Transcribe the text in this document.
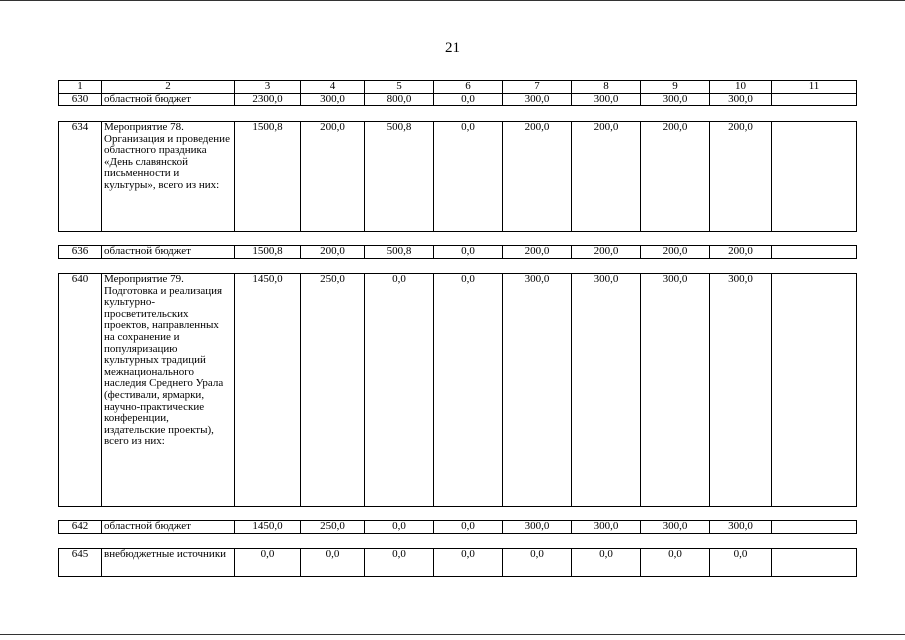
21
1	2	3	4	5	6	7	8	9	10	11
630	областной бюджет	2300,0	300,0	800,0	0,0	300,0	300,0	300,0	300,0	
634	Мероприятие 78. Организация и проведение областного праздника «День славянской письменности и культуры», всего из них:	1500,8	200,0	500,8	0,0	200,0	200,0	200,0	200,0	
636	областной бюджет	1500,8	200,0	500,8	0,0	200,0	200,0	200,0	200,0	
640	Мероприятие 79. Подготовка и реализация культурно-просветительских проектов, направленных на сохранение и популяризацию культурных традиций межнационального наследия Среднего Урала (фестивали, ярмарки, научно-практические конференции, издательские проекты), всего из них:	1450,0	250,0	0,0	0,0	300,0	300,0	300,0	300,0	
642	областной бюджет	1450,0	250,0	0,0	0,0	300,0	300,0	300,0	300,0	
645	внебюджетные источники	0,0	0,0	0,0	0,0	0,0	0,0	0,0	0,0	
